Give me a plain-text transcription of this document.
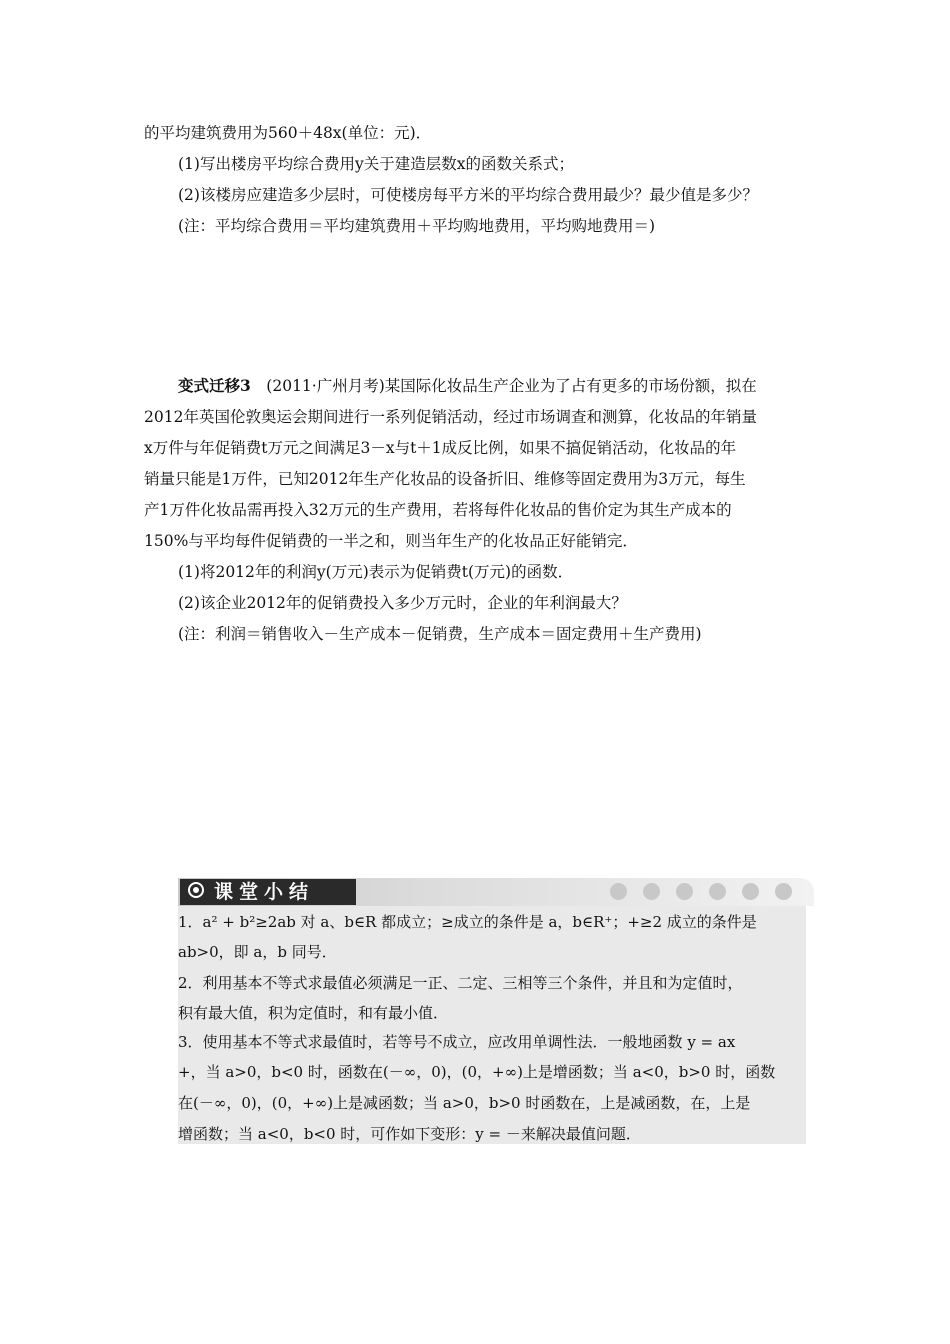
的平均建筑费用为560＋48x(单位：元)．
(1)写出楼房平均综合费用y关于建造层数x的函数关系式；
(2)该楼房应建造多少层时，可使楼房每平方米的平均综合费用最少？最少值是多少？
(注：平均综合费用＝平均建筑费用＋平均购地费用，平均购地费用＝)
变式迁移3　(2011·广州月考)某国际化妆品生产企业为了占有更多的市场份额，拟在
2012年英国伦敦奥运会期间进行一系列促销活动，经过市场调查和测算，化妆品的年销量
x万件与年促销费t万元之间满足3－x与t＋1成反比例，如果不搞促销活动，化妆品的年
销量只能是1万件，已知2012年生产化妆品的设备折旧、维修等固定费用为3万元，每生
产1万件化妆品需再投入32万元的生产费用，若将每件化妆品的售价定为其生产成本的
150%与平均每件促销费的一半之和，则当年生产的化妆品正好能销完．
(1)将2012年的利润y(万元)表示为促销费t(万元)的函数．
(2)该企业2012年的促销费投入多少万元时，企业的年利润最大？
(注：利润＝销售收入－生产成本－促销费，生产成本＝固定费用＋生产费用)
课堂小结
1．a² + b²≥2ab 对 a、b∈R 都成立；≥成立的条件是 a，b∈R⁺；+≥2 成立的条件是
ab>0，即 a，b 同号．
2．利用基本不等式求最值必须满足一正、二定、三相等三个条件，并且和为定值时，
积有最大值，积为定值时，和有最小值．
3．使用基本不等式求最值时，若等号不成立，应改用单调性法．一般地函数 y = ax
+，当 a>0，b<0 时，函数在(－∞，0)，(0，+∞)上是增函数；当 a<0，b>0 时，函数
在(－∞，0)，(0，+∞)上是减函数；当 a>0，b>0 时函数在，上是减函数，在，上是
增函数；当 a<0，b<0 时，可作如下变形：y = －来解决最值问题．
